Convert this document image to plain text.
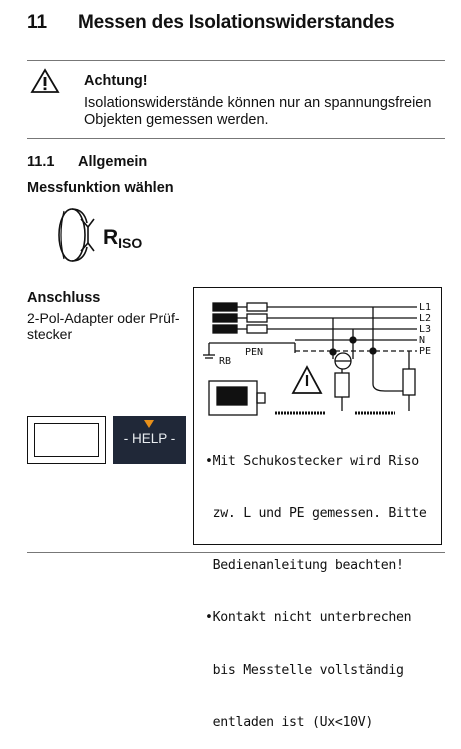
11 Messen des Isolationswiderstandes
Achtung!
Isolationswiderstände können nur an spannungsfreien
Objekten gemessen werden.
11.1 Allgemein
Messfunktion wählen
$R_{ISO}$
Anschluss
2-Pol-Adapter oder Prüf-
stecker
- HELP -
L1
L2
L3
N
PE
PEN
RB

•Mit Schukostecker wird Riso

zw. L und PE gemessen. Bitte

Bedienanleitung beachten!

•Kontakt nicht unterbrechen

bis Messtelle vollständig

entladen ist (Ux<10V)
